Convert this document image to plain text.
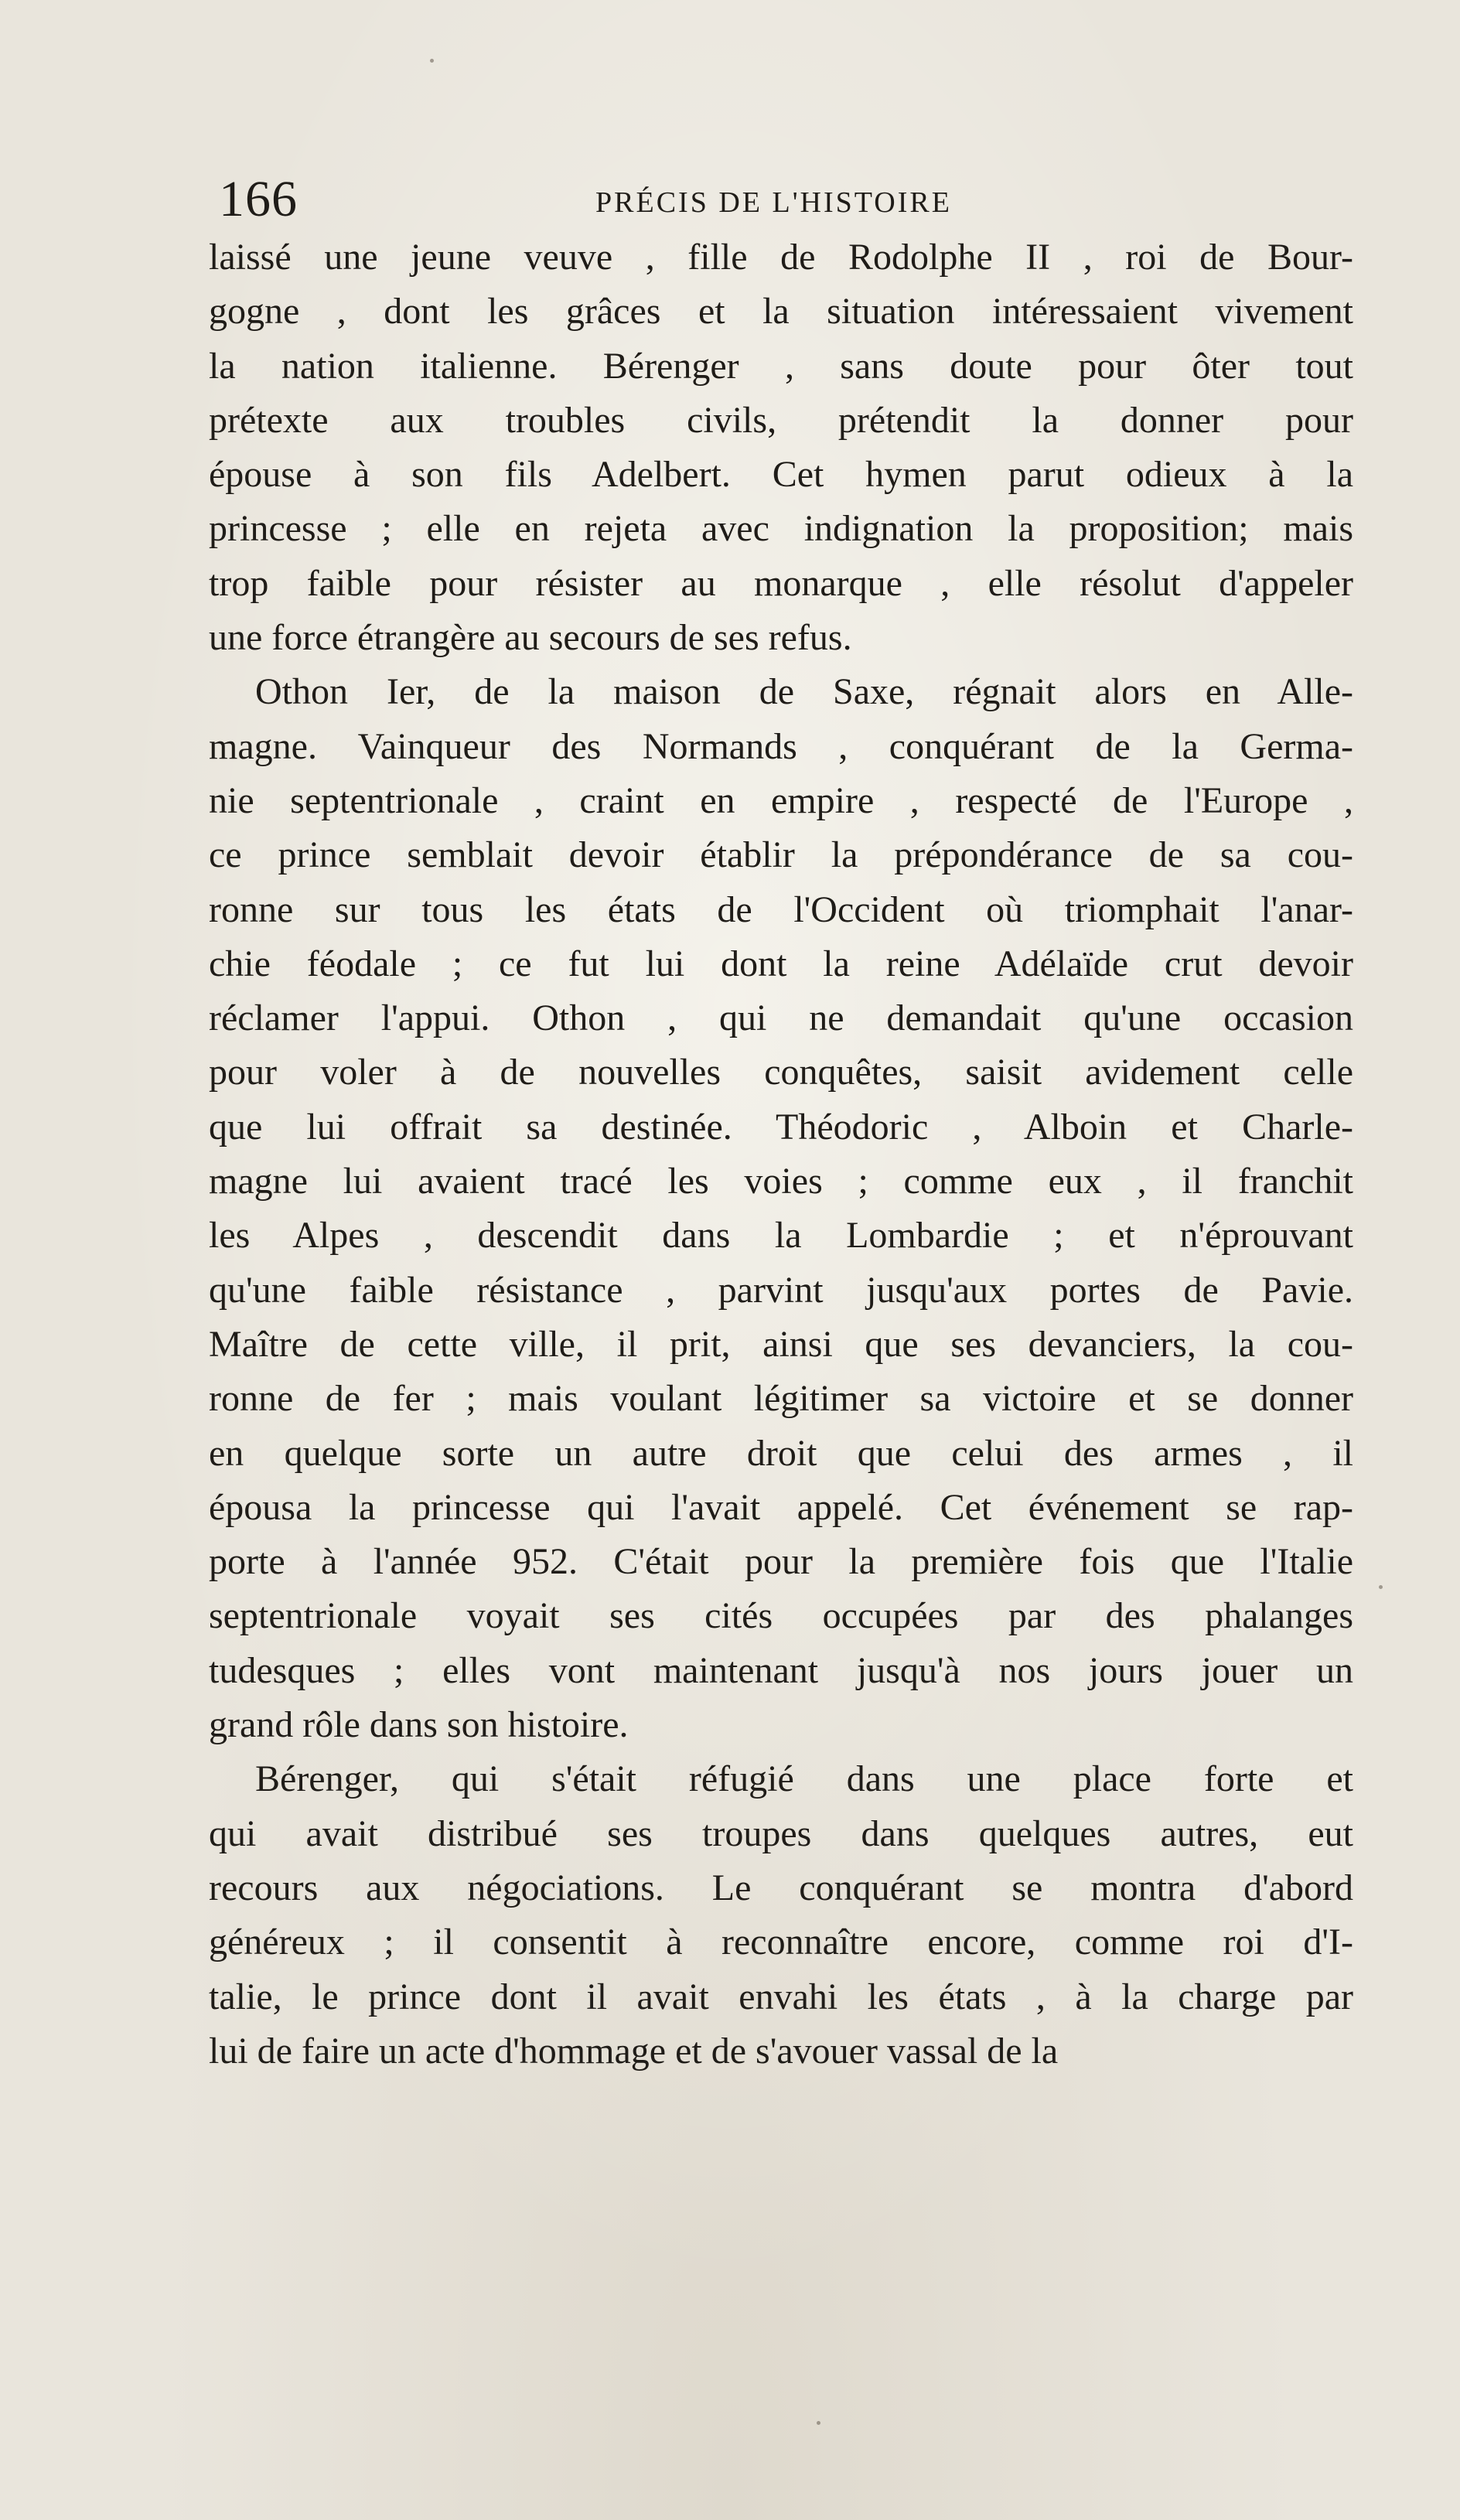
166	PRÉCIS DE L'HISTOIRE
laissé une jeune veuve , fille de Rodolphe II , roi de Bour-
gogne , dont les grâces et la situation intéressaient vivement
la nation italienne. Bérenger , sans doute pour ôter tout
prétexte aux troubles civils, prétendit la donner pour
épouse à son fils Adelbert. Cet hymen parut odieux à la
princesse ; elle en rejeta avec indignation la proposition; mais
trop faible pour résister au monarque , elle résolut d'appeler
une force étrangère au secours de ses refus.
Othon Ier, de la maison de Saxe, régnait alors en Alle-
magne. Vainqueur des Normands , conquérant de la Germa-
nie septentrionale , craint en empire , respecté de l'Europe ,
ce prince semblait devoir établir la prépondérance de sa cou-
ronne sur tous les états de l'Occident où triomphait l'anar-
chie féodale ; ce fut lui dont la reine Adélaïde crut devoir
réclamer l'appui. Othon , qui ne demandait qu'une occasion
pour voler à de nouvelles conquêtes, saisit avidement celle
que lui offrait sa destinée. Théodoric , Alboin et Charle-
magne lui avaient tracé les voies ; comme eux , il franchit
les Alpes , descendit dans la Lombardie ; et n'éprouvant
qu'une faible résistance , parvint jusqu'aux portes de Pavie.
Maître de cette ville, il prit, ainsi que ses devanciers, la cou-
ronne de fer ; mais voulant légitimer sa victoire et se donner
en quelque sorte un autre droit que celui des armes , il
épousa la princesse qui l'avait appelé. Cet événement se rap-
porte à l'année 952. C'était pour la première fois que l'Italie
septentrionale voyait ses cités occupées par des phalanges
tudesques ; elles vont maintenant jusqu'à nos jours jouer un
grand rôle dans son histoire.
Bérenger, qui s'était réfugié dans une place forte et
qui avait distribué ses troupes dans quelques autres, eut
recours aux négociations. Le conquérant se montra d'abord
généreux ; il consentit à reconnaître encore, comme roi d'I-
talie, le prince dont il avait envahi les états , à la charge par
lui de faire un acte d'hommage et de s'avouer vassal de la
